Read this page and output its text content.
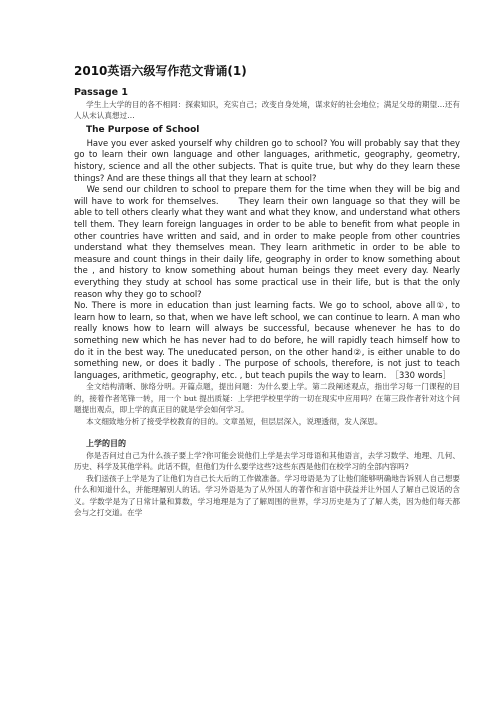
2010英语六级写作范文背诵(1)
Passage 1

学生上大学的目的各不相同：探索知识，充实自己；改变自身处境，谋求好的社会地位；满足父母的期望…还有人从未认真想过…

The Purpose of School

Have you ever asked yourself why children go to school? You will probably say that they go to learn their own language and other languages, arithmetic, geography, geometry, history, science and all the other subjects. That is quite true, but why do they learn these things? And are these things all that they learn at school?

We send our children to school to prepare them for the time when they will be big and will have to work for themselves.　　They learn their own language so that they will be able to tell others clearly what they want and what they know, and understand what others tell them. They learn foreign languages in order to be able to benefit from what people in other countries have written and said, and in order to make people from other countries understand what they themselves mean. They learn arithmetic in order to be able to measure and count things in their daily life, geography in order to know something about the , and history to know something about human beings they meet every day. Nearly everything they study at school has some practical use in their life, but is that the only reason why they go to school?

No. There is more in education than just learning facts. We go to school, above all①, to learn how to learn, so that, when we have left school, we can continue to learn. A man who really knows how to learn will always be successful, because whenever he has to do something new which he has never had to do before, he will rapidly teach himself how to do it in the best way. The uneducated person, on the other hand②, is either unable to do something new, or does it badly . The purpose of schools, therefore, is not just to teach languages, arithmetic, geography, etc. , but teach pupils the way to learn.　［330 words］

全文结构清晰、脉络分明。开篇点题，提出问题：为什么要上学。第二段阐述观点，指出学习每一门课程的目的，接着作者笔锋一转，用一个 but 提出质疑：上学把学校里学的一切在现实中应用吗？在第三段作者针对这个问题提出观点，即上学的真正目的就是学会如何学习。

本文细致地分析了接受学校教育的目的。文章虽短，但层层深入，说理透彻，发人深思。

上学的目的

你是否问过自己为什么孩子要上学?你可能会说他们上学是去学习母语和其他语言，去学习数学、地理、几何、历史、科学及其他学科。此话不假，但他们为什么要学这些?这些东西是他们在校学习的全部内容吗?

我们送孩子上学是为了让他们为自己长大后的工作做准备。学习母语是为了让他们能够明确地告诉别人自己想要什么和知道什么，并能理解别人的话。学习外语是为了从外国人的著作和言语中获益并让外国人了解自己说话的含义。学数学是为了日常计量和算数，学习地理是为了了解周围的世界，学习历史是为了了解人类，因为他们每天都会与之打交道。在学
